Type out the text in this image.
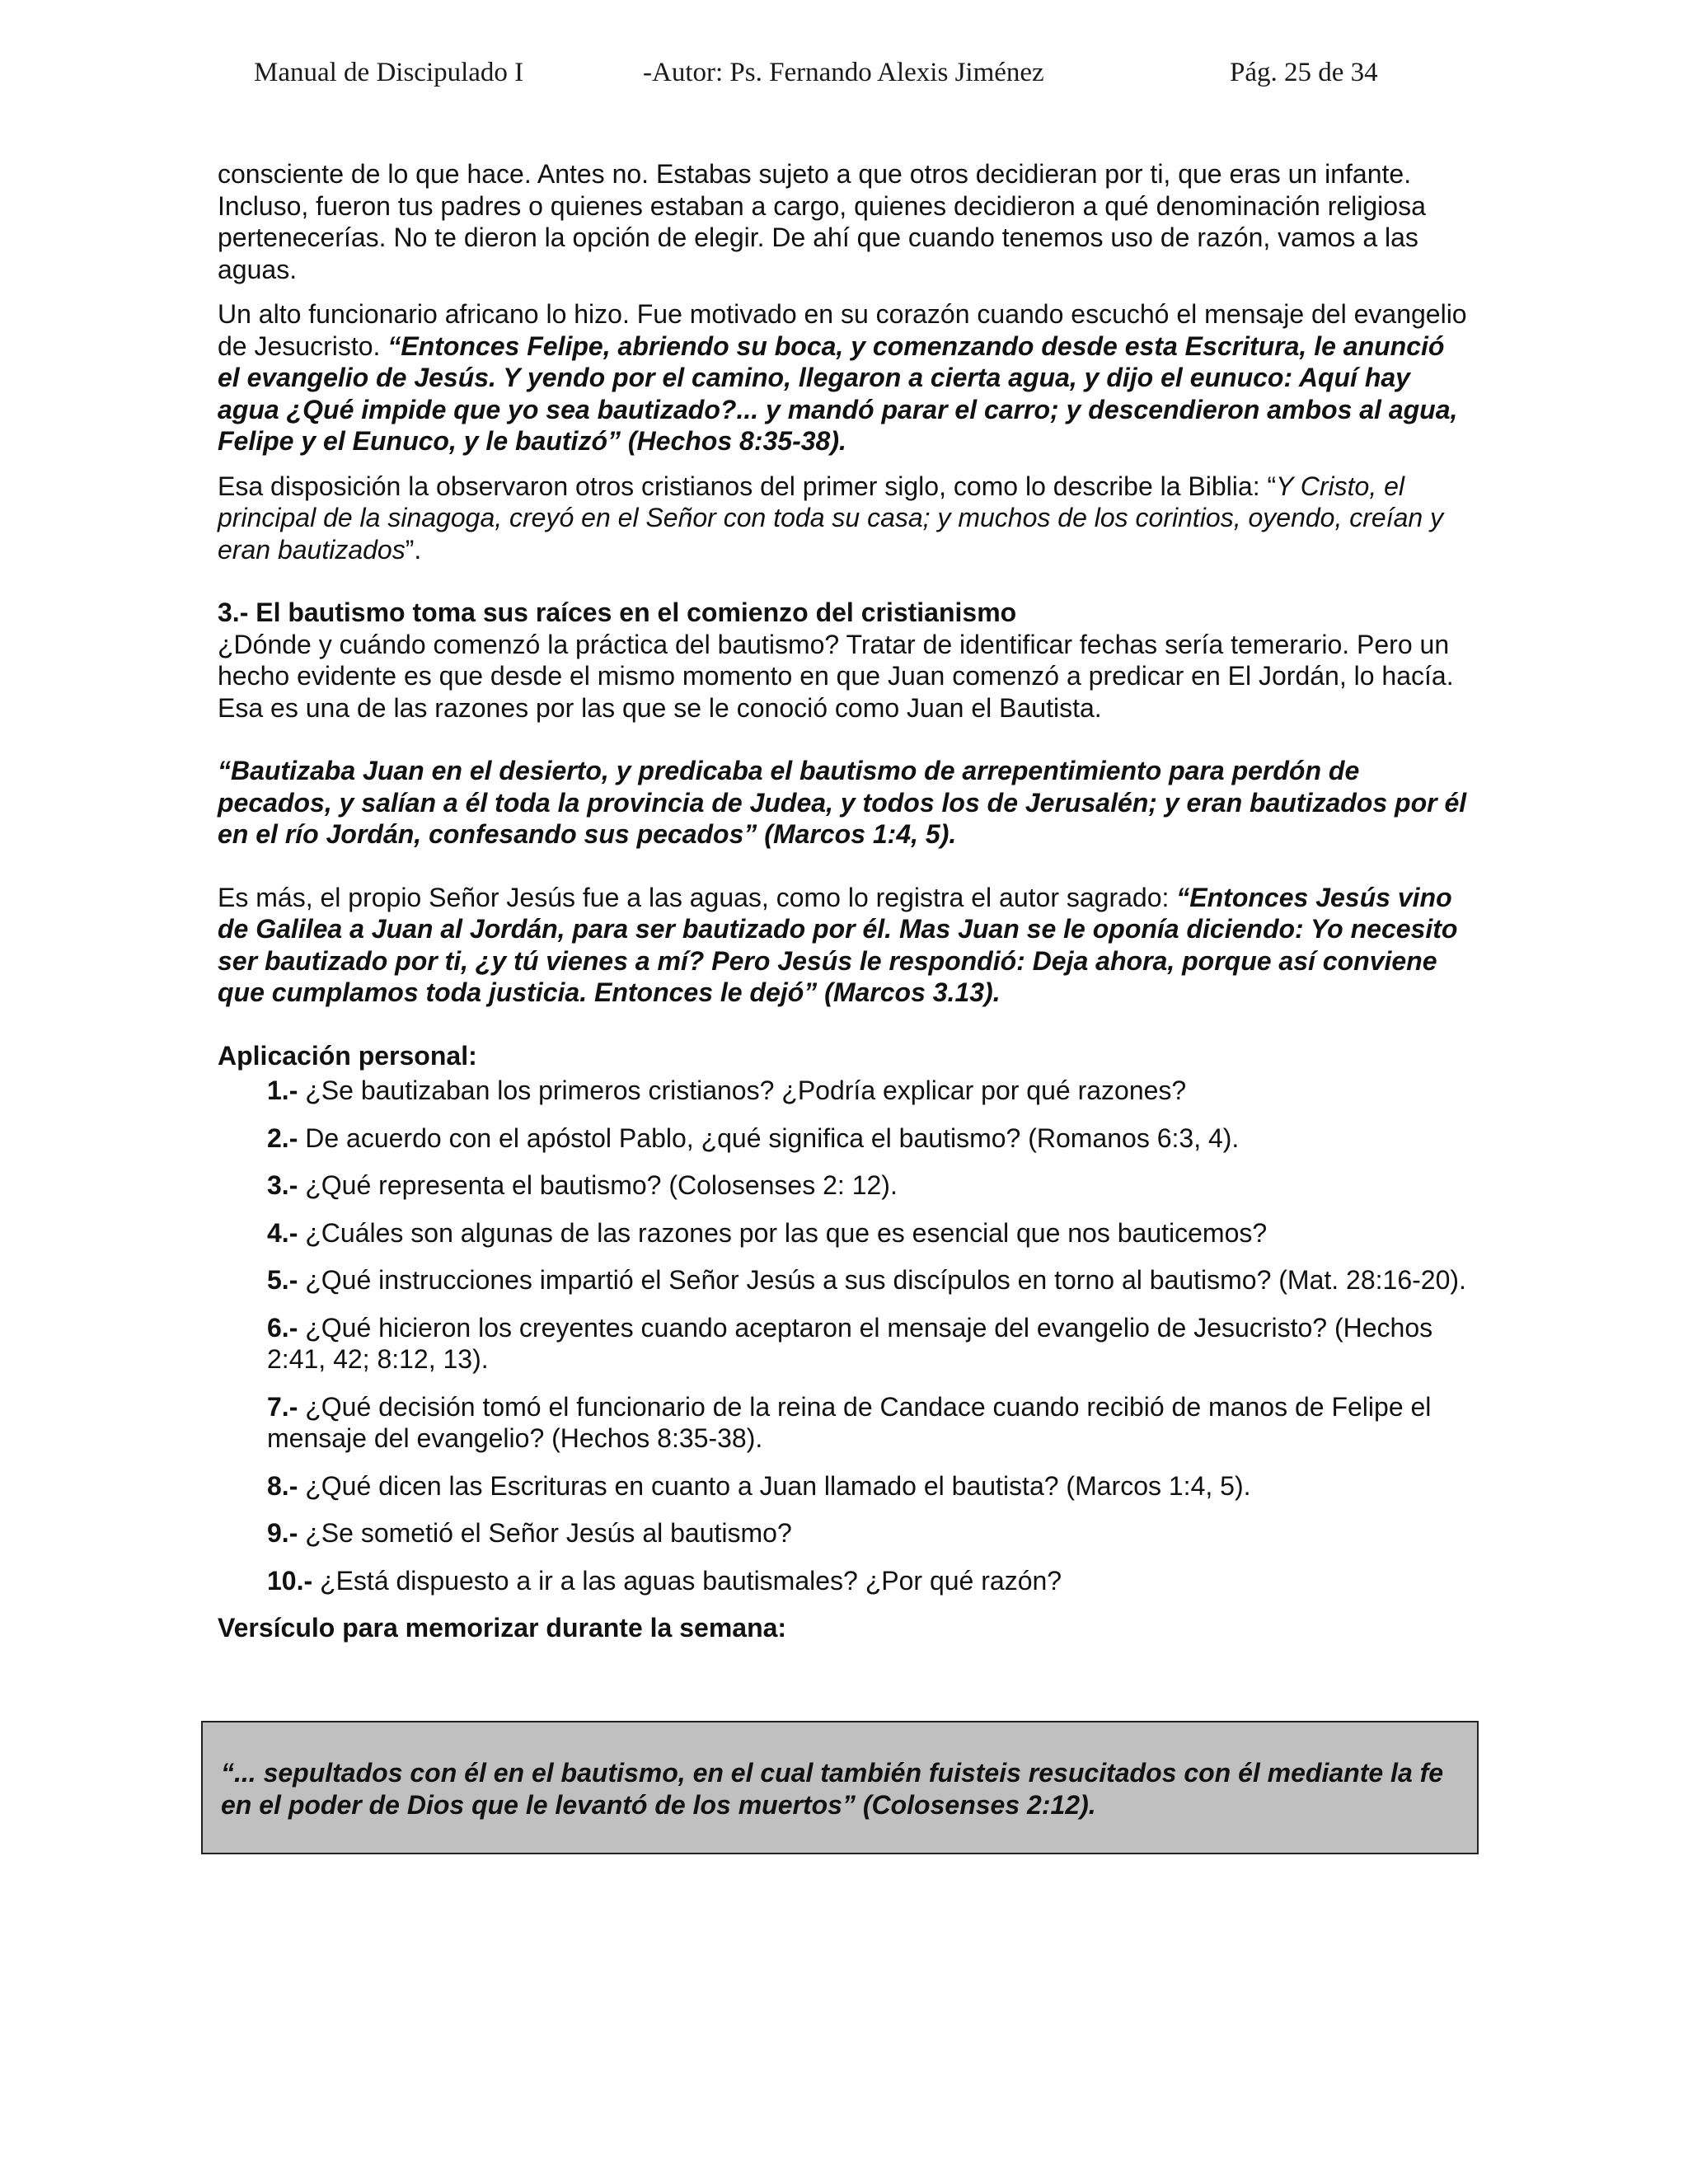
Manual de Discipulado I	-Autor: Ps. Fernando Alexis Jiménez	Pág. 25 de 34

consciente de lo que hace. Antes no. Estabas sujeto a que otros decidieran por ti, que eras un infante. Incluso, fueron tus padres o quienes estaban a cargo, quienes decidieron a qué denominación religiosa pertenecerías. No te dieron la opción de elegir. De ahí que cuando tenemos uso de razón, vamos a las aguas.

Un alto funcionario africano lo hizo. Fue motivado en su corazón cuando escuchó el mensaje del evangelio de Jesucristo. “Entonces Felipe, abriendo su boca, y comenzando desde esta Escritura, le anunció el evangelio de Jesús. Y yendo por el camino, llegaron a cierta agua, y dijo el eunuco: Aquí hay agua ¿Qué impide que yo sea bautizado?... y mandó parar el carro; y descendieron ambos al agua, Felipe y el Eunuco, y le bautizó” (Hechos 8:35-38).

Esa disposición la observaron otros cristianos del primer siglo, como lo describe la Biblia: “Y Cristo, el principal de la sinagoga, creyó en el Señor con toda su casa; y muchos de los corintios, oyendo, creían y eran bautizados”.

3.- El bautismo toma sus raíces en el comienzo del cristianismo

¿Dónde y cuándo comenzó la práctica del bautismo? Tratar de identificar fechas sería temerario. Pero un hecho evidente es que desde el mismo momento en que Juan comenzó a predicar en El Jordán, lo hacía. Esa es una de las razones por las que se le conoció como Juan el Bautista.

“Bautizaba Juan en el desierto, y predicaba el bautismo de arrepentimiento para perdón de pecados, y salían a él toda la provincia de Judea, y todos los de Jerusalén; y eran bautizados por él en el río Jordán, confesando sus pecados” (Marcos 1:4, 5).

Es más, el propio Señor Jesús fue a las aguas, como lo registra el autor sagrado: “Entonces Jesús vino de Galilea a Juan al Jordán, para ser bautizado por él. Mas Juan se le oponía diciendo: Yo necesito ser bautizado por ti, ¿y tú vienes a mí? Pero Jesús le respondió: Deja ahora, porque así conviene que cumplamos toda justicia. Entonces le dejó” (Marcos 3.13).

Aplicación personal:

1.- ¿Se bautizaban los primeros cristianos? ¿Podría explicar por qué razones?
2.- De acuerdo con el apóstol Pablo, ¿qué significa el bautismo? (Romanos 6:3, 4).
3.- ¿Qué representa el bautismo? (Colosenses 2: 12).
4.- ¿Cuáles son algunas de las razones por las que es esencial que nos bauticemos?
5.- ¿Qué instrucciones impartió el Señor Jesús a sus discípulos en torno al bautismo? (Mat. 28:16-20).
6.- ¿Qué hicieron los creyentes cuando aceptaron el mensaje del evangelio de Jesucristo? (Hechos 2:41, 42; 8:12, 13).
7.- ¿Qué decisión tomó el funcionario de la reina de Candace cuando recibió de manos de Felipe el mensaje del evangelio? (Hechos 8:35-38).
8.- ¿Qué dicen las Escrituras en cuanto a Juan llamado el bautista? (Marcos 1:4, 5).
9.- ¿Se sometió el Señor Jesús al bautismo?
10.- ¿Está dispuesto a ir a las aguas bautismales? ¿Por qué razón?

Versículo para memorizar durante la semana:

“... sepultados con él en el bautismo, en el cual también fuisteis resucitados con él mediante la fe en el poder de Dios que le levantó de los muertos” (Colosenses 2:12).
